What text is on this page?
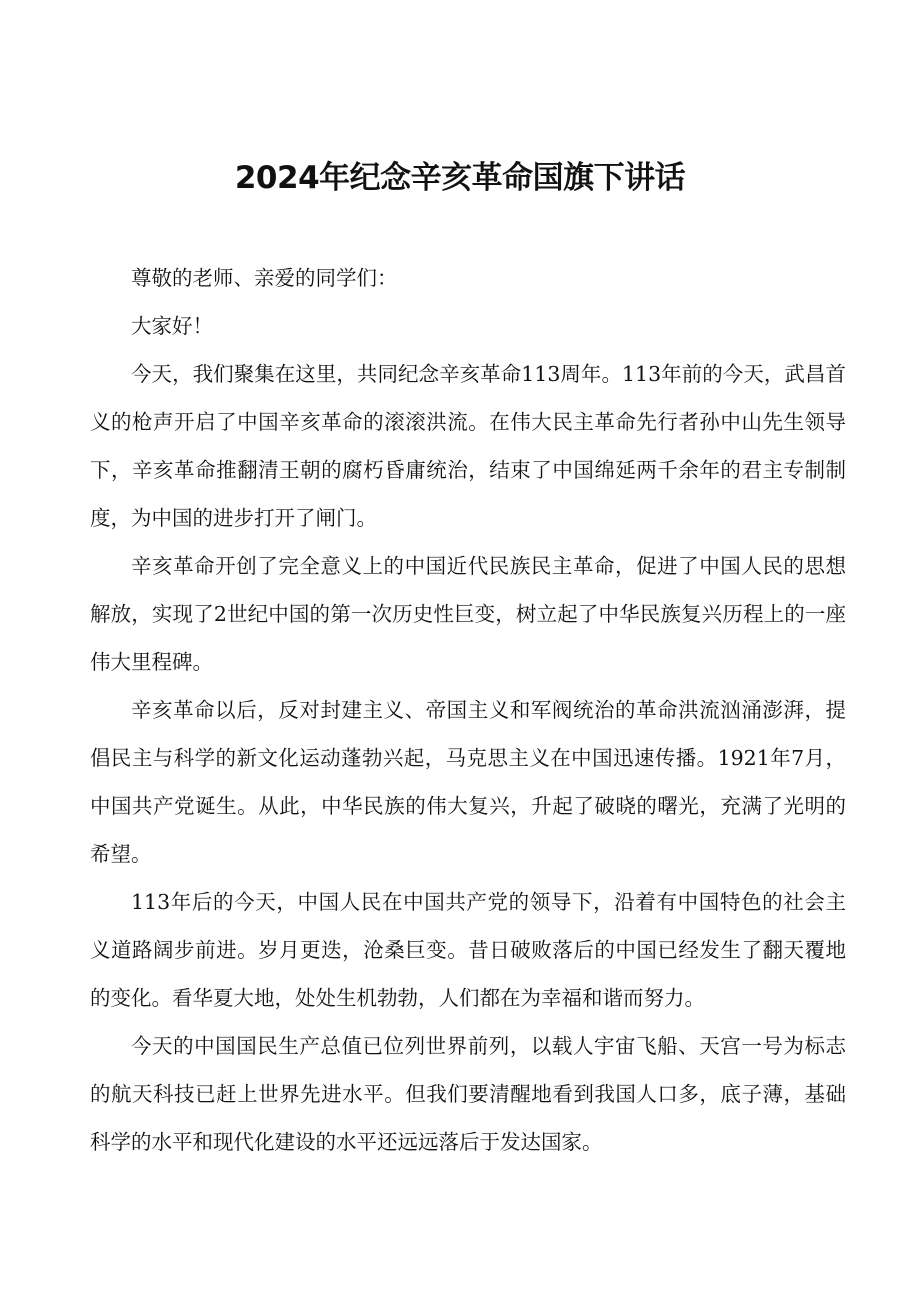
2024年纪念辛亥革命国旗下讲话

尊敬的老师、亲爱的同学们：

大家好！

今天，我们聚集在这里，共同纪念辛亥革命113周年。113年前的今天，武昌首义的枪声开启了中国辛亥革命的滚滚洪流。在伟大民主革命先行者孙中山先生领导下，辛亥革命推翻清王朝的腐朽昏庸统治，结束了中国绵延两千余年的君主专制制度，为中国的进步打开了闸门。

辛亥革命开创了完全意义上的中国近代民族民主革命，促进了中国人民的思想解放，实现了2世纪中国的第一次历史性巨变，树立起了中华民族复兴历程上的一座伟大里程碑。

辛亥革命以后，反对封建主义、帝国主义和军阀统治的革命洪流汹涌澎湃，提倡民主与科学的新文化运动蓬勃兴起，马克思主义在中国迅速传播。1921年7月，中国共产党诞生。从此，中华民族的伟大复兴，升起了破晓的曙光，充满了光明的希望。

113年后的今天，中国人民在中国共产党的领导下，沿着有中国特色的社会主义道路阔步前进。岁月更迭，沧桑巨变。昔日破败落后的中国已经发生了翻天覆地的变化。看华夏大地，处处生机勃勃，人们都在为幸福和谐而努力。

今天的中国国民生产总值已位列世界前列，以载人宇宙飞船、天宫一号为标志的航天科技已赶上世界先进水平。但我们要清醒地看到我国人口多，底子薄，基础科学的水平和现代化建设的水平还远远落后于发达国家。
